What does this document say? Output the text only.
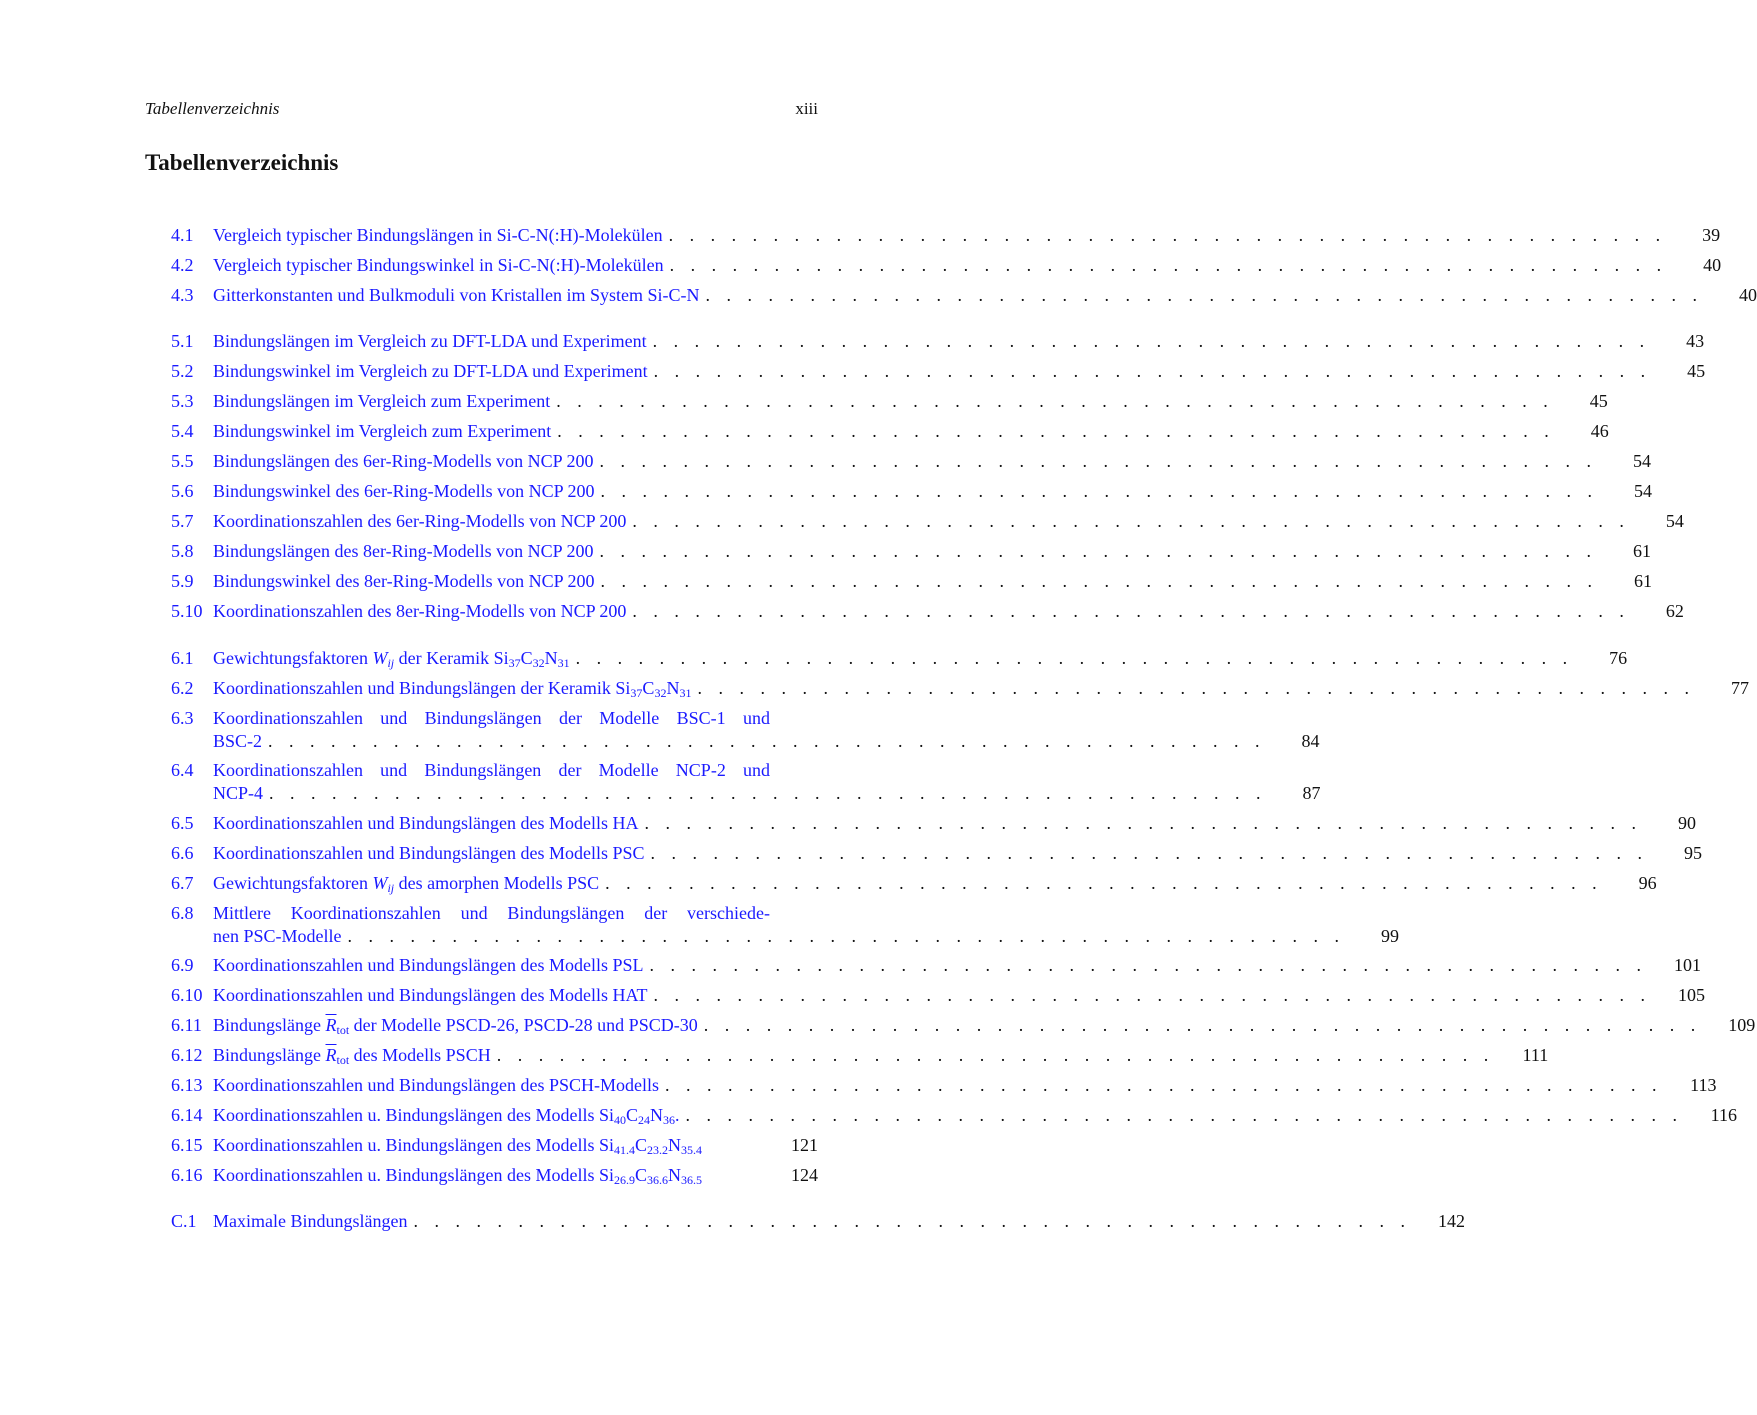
Tabellenverzeichnis	xiii
Tabellenverzeichnis
4.1 Vergleich typischer Bindungslängen in Si-C-N(:H)-Molekülen . . . . . . . . . . . . . . . . . . . . . . . . . . . . . . . . . . . . . . . . . . . . . . . .	39
4.2 Vergleich typischer Bindungswinkel in Si-C-N(:H)-Molekülen . . . . . . . . . . . . . . . . . . . . . . . . . . . . . . . . . . . . . . . . . . . . . . . .	40
4.3 Gitterkonstanten und Bulkmoduli von Kristallen im System Si-C-N . . . . . . . . . . . . . . . . . . . . . . . . . . . . . . . . . . . . . . . . . . . . . . . .	40
5.1 Bindungslängen im Vergleich zu DFT-LDA und Experiment . . . . . . . . . . . . . . . . . . . . . . . . . . . . . . . . . . . . . . . . . . . . . . . .	43
5.2 Bindungswinkel im Vergleich zu DFT-LDA und Experiment . . . . . . . . . . . . . . . . . . . . . . . . . . . . . . . . . . . . . . . . . . . . . . . .	45
5.3 Bindungslängen im Vergleich zum Experiment . . . . . . . . . . . . . . . . . . . . . . . . . . . . . . . . . . . . . . . . . . . . . . . .	45
5.4 Bindungswinkel im Vergleich zum Experiment . . . . . . . . . . . . . . . . . . . . . . . . . . . . . . . . . . . . . . . . . . . . . . . .	46
5.5 Bindungslängen des 6er-Ring-Modells von NCP 200 . . . . . . . . . . . . . . . . . . . . . . . . . . . . . . . . . . . . . . . . . . . . . . . .	54
5.6 Bindungswinkel des 6er-Ring-Modells von NCP 200 . . . . . . . . . . . . . . . . . . . . . . . . . . . . . . . . . . . . . . . . . . . . . . . .	54
5.7 Koordinationszahlen des 6er-Ring-Modells von NCP 200 . . . . . . . . . . . . . . . . . . . . . . . . . . . . . . . . . . . . . . . . . . . . . . . .	54
5.8 Bindungslängen des 8er-Ring-Modells von NCP 200 . . . . . . . . . . . . . . . . . . . . . . . . . . . . . . . . . . . . . . . . . . . . . . . .	61
5.9 Bindungswinkel des 8er-Ring-Modells von NCP 200 . . . . . . . . . . . . . . . . . . . . . . . . . . . . . . . . . . . . . . . . . . . . . . . .	61
5.10 Koordinationszahlen des 8er-Ring-Modells von NCP 200 . . . . . . . . . . . . . . . . . . . . . . . . . . . . . . . . . . . . . . . . . . . . . . . .	62
6.1 Gewichtungsfaktoren $W_{ij}$ der Keramik $Si_{37}C_{32}N_{31}$ . . . . . . . . . . . . . . . . . . . . . . . . . . . . . . . . . . . . . . . . . . . . . . . .	76
6.2 Koordinationszahlen und Bindungslängen der Keramik $Si_{37}C_{32}N_{31}$ . . . . . . . . . . . . . . . . . . . . . . . . . . . . . . . . . . . . . . . . . . . . . . . .	77
6.3 Koordinationszahlen und Bindungslängen der Modelle BSC-1 und
BSC-2 . . . . . . . . . . . . . . . . . . . . . . . . . . . . . . . . . . . . . . . . . . . . . . . .	84
6.4 Koordinationszahlen und Bindungslängen der Modelle NCP-2 und
NCP-4 . . . . . . . . . . . . . . . . . . . . . . . . . . . . . . . . . . . . . . . . . . . . . . . .	87
6.5 Koordinationszahlen und Bindungslängen des Modells HA . . . . . . . . . . . . . . . . . . . . . . . . . . . . . . . . . . . . . . . . . . . . . . . .	90
6.6 Koordinationszahlen und Bindungslängen des Modells PSC . . . . . . . . . . . . . . . . . . . . . . . . . . . . . . . . . . . . . . . . . . . . . . . .	95
6.7 Gewichtungsfaktoren $W_{ij}$ des amorphen Modells PSC . . . . . . . . . . . . . . . . . . . . . . . . . . . . . . . . . . . . . . . . . . . . . . . .	96
6.8 Mittlere Koordinationszahlen und Bindungslängen der verschiede-
nen PSC-Modelle . . . . . . . . . . . . . . . . . . . . . . . . . . . . . . . . . . . . . . . . . . . . . . . .	99
6.9 Koordinationszahlen und Bindungslängen des Modells PSL . . . . . . . . . . . . . . . . . . . . . . . . . . . . . . . . . . . . . . . . . . . . . . . .	101
6.10 Koordinationszahlen und Bindungslängen des Modells HAT . . . . . . . . . . . . . . . . . . . . . . . . . . . . . . . . . . . . . . . . . . . . . . . .	105
6.11 Bindungslänge $\overline{R}_{tot}$ der Modelle PSCD-26, PSCD-28 und PSCD-30 . . . . . . . . . . . . . . . . . . . . . . . . . . . . . . . . . . . . . . . . . . . . . . . .	109
6.12 Bindungslänge $\overline{R}_{tot}$ des Modells PSCH . . . . . . . . . . . . . . . . . . . . . . . . . . . . . . . . . . . . . . . . . . . . . . . .	111
6.13 Koordinationszahlen und Bindungslängen des PSCH-Modells . . . . . . . . . . . . . . . . . . . . . . . . . . . . . . . . . . . . . . . . . . . . . . . .	113
6.14 Koordinationszahlen u. Bindungslängen des Modells $Si_{40}C_{24}N_{36}$. . . . . . . . . . . . . . . . . . . . . . . . . . . . . . . . . . . . . . . . . . . . . . . . .	116
6.15 Koordinationszahlen u. Bindungslängen des Modells $Si_{41.4}C_{23.2}N_{35.4}$	121
6.16 Koordinationszahlen u. Bindungslängen des Modells $Si_{26.9}C_{36.6}N_{36.5}$	124
C.1 Maximale Bindungslängen . . . . . . . . . . . . . . . . . . . . . . . . . . . . . . . . . . . . . . . . . . . . . . . .	142
